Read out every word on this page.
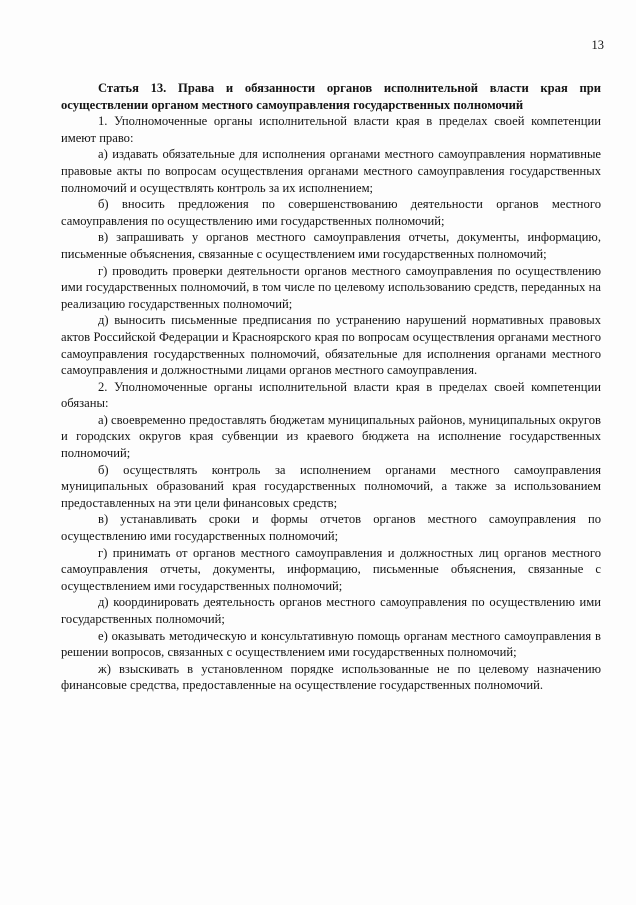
13

Статья 13. Права и обязанности органов исполнительной власти края при осуществлении органом местного самоуправления государственных полномочий

1. Уполномоченные органы исполнительной власти края в пределах своей компетенции имеют право:

а) издавать обязательные для исполнения органами местного самоуправления нормативные правовые акты по вопросам осуществления органами местного самоуправления государственных полномочий и осуществлять контроль за их исполнением;

б) вносить предложения по совершенствованию деятельности органов местного самоуправления по осуществлению ими государственных полномочий;

в) запрашивать у органов местного самоуправления отчеты, документы, информацию, письменные объяснения, связанные с осуществлением ими государственных полномочий;

г) проводить проверки деятельности органов местного самоуправления по осуществлению ими государственных полномочий, в том числе по целевому использованию средств, переданных на реализацию государственных полномочий;

д) выносить письменные предписания по устранению нарушений нормативных правовых актов Российской Федерации и Красноярского края по вопросам осуществления органами местного самоуправления государственных полномочий, обязательные для исполнения органами местного самоуправления и должностными лицами органов местного самоуправления.

2. Уполномоченные органы исполнительной власти края в пределах своей компетенции обязаны:

а) своевременно предоставлять бюджетам муниципальных районов, муниципальных округов и городских округов края субвенции из краевого бюджета на исполнение государственных полномочий;

б) осуществлять контроль за исполнением органами местного самоуправления муниципальных образований края государственных полномочий, а также за использованием предоставленных на эти цели финансовых средств;

в) устанавливать сроки и формы отчетов органов местного самоуправления по осуществлению ими государственных полномочий;

г) принимать от органов местного самоуправления и должностных лиц органов местного самоуправления отчеты, документы, информацию, письменные объяснения, связанные с осуществлением ими государственных полномочий;

д) координировать деятельность органов местного самоуправления по осуществлению ими государственных полномочий;

е) оказывать методическую и консультативную помощь органам местного самоуправления в решении вопросов, связанных с осуществлением ими государственных полномочий;

ж) взыскивать в установленном порядке использованные не по целевому назначению финансовые средства, предоставленные на осуществление государственных полномочий.
